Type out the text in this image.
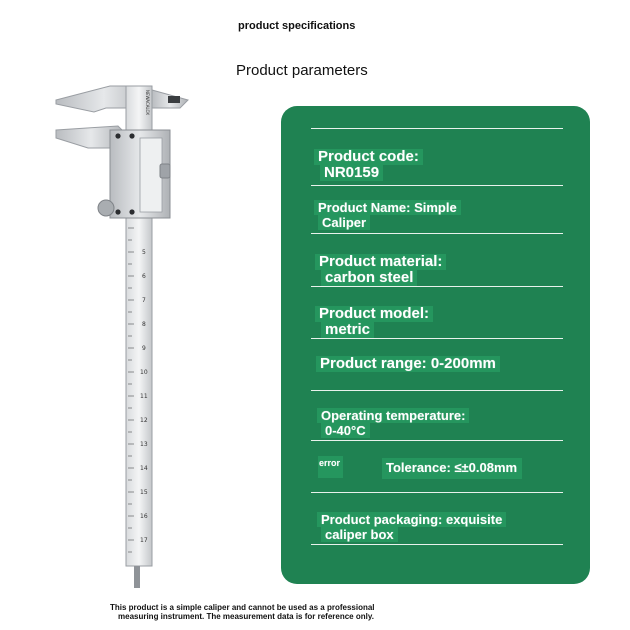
product specifications
Product parameters
5
6
7
8
9
10
11
12
13
14
15
16
17
NEWACALOX
Product code:
NR0159
Product Name: Simple
Caliper
Product material:
carbon steel
Product model:
metric
Product range: 0-200mm
Operating temperature:
0-40°C
error	Tolerance: ≤±0.08mm
Product packaging: exquisite
caliper box
This product is a simple caliper and cannot be used as a professional
measuring instrument. The measurement data is for reference only.
